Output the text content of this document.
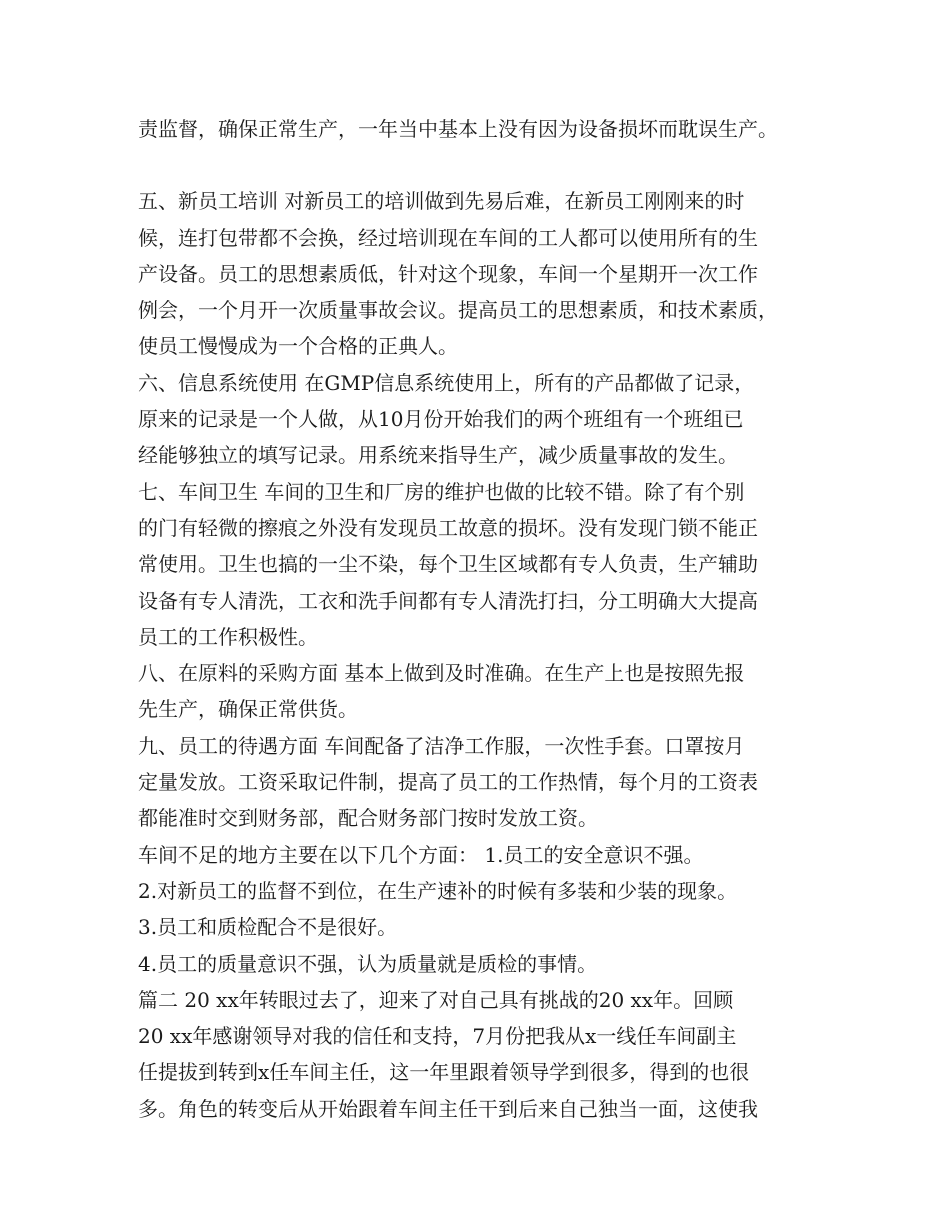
责监督，确保正常生产，一年当中基本上没有因为设备损坏而耽误生产。
五、新员工培训 对新员工的培训做到先易后难，在新员工刚刚来的时
候，连打包带都不会换，经过培训现在车间的工人都可以使用所有的生
产设备。员工的思想素质低，针对这个现象，车间一个星期开一次工作
例会，一个月开一次质量事故会议。提高员工的思想素质，和技术素质，
使员工慢慢成为一个合格的正典人。
六、信息系统使用 在GMP信息系统使用上，所有的产品都做了记录，
原来的记录是一个人做，从10月份开始我们的两个班组有一个班组已
经能够独立的填写记录。用系统来指导生产，减少质量事故的发生。
七、车间卫生 车间的卫生和厂房的维护也做的比较不错。除了有个别
的门有轻微的擦痕之外没有发现员工故意的损坏。没有发现门锁不能正
常使用。卫生也搞的一尘不染，每个卫生区域都有专人负责，生产辅助
设备有专人清洗，工衣和洗手间都有专人清洗打扫，分工明确大大提高
员工的工作积极性。
八、在原料的采购方面 基本上做到及时准确。在生产上也是按照先报
先生产，确保正常供货。
九、员工的待遇方面 车间配备了洁净工作服，一次性手套。口罩按月
定量发放。工资采取记件制，提高了员工的工作热情，每个月的工资表
都能准时交到财务部，配合财务部门按时发放工资。
车间不足的地方主要在以下几个方面： 1.员工的安全意识不强。
2.对新员工的监督不到位，在生产速补的时候有多装和少装的现象。
3.员工和质检配合不是很好。
4.员工的质量意识不强，认为质量就是质检的事情。
篇二 20 xx年转眼过去了，迎来了对自己具有挑战的20 xx年。回顾
20 xx年感谢领导对我的信任和支持，7月份把我从x一线任车间副主
任提拔到转到x任车间主任，这一年里跟着领导学到很多，得到的也很
多。角色的转变后从开始跟着车间主任干到后来自己独当一面，这使我
